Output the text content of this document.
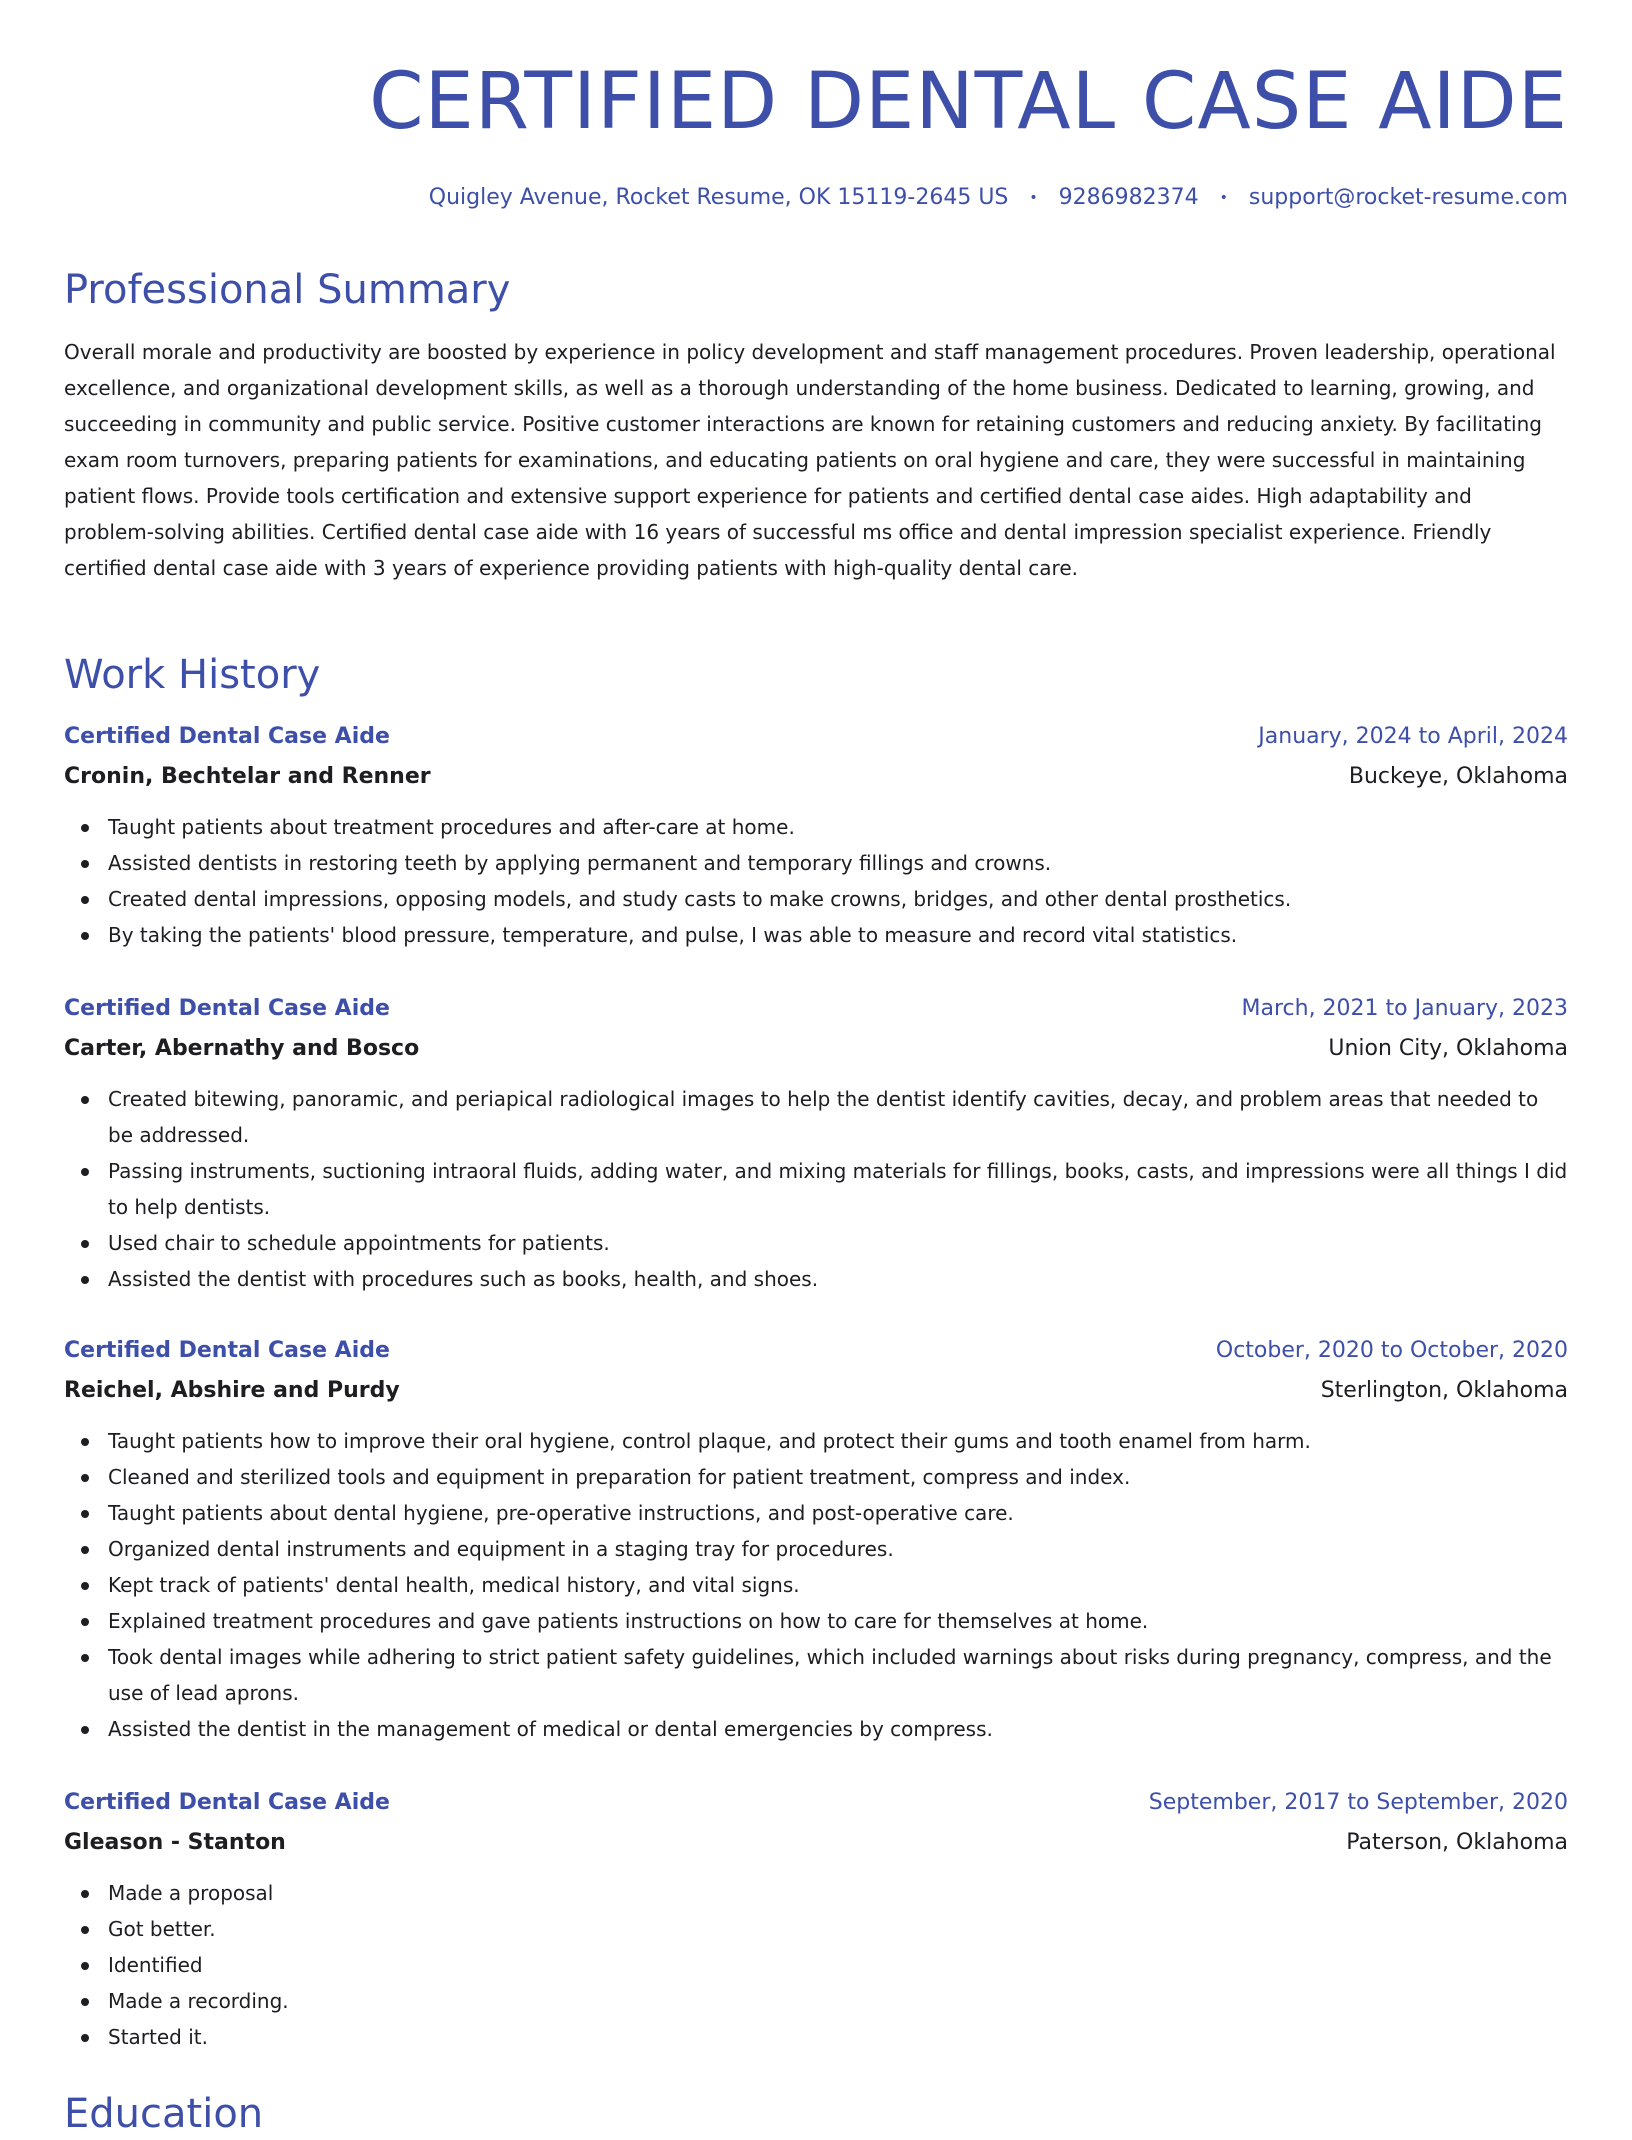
CERTIFIED DENTAL CASE AIDE
Quigley Avenue, Rocket Resume, OK 15119-2645 US • 9286982374 • support@rocket-resume.com
Professional Summary

Overall morale and productivity are boosted by experience in policy development and staff management procedures. Proven leadership, operational excellence, and organizational development skills, as well as a thorough understanding of the home business. Dedicated to learning, growing, and succeeding in community and public service. Positive customer interactions are known for retaining customers and reducing anxiety. By facilitating exam room turnovers, preparing patients for examinations, and educating patients on oral hygiene and care, they were successful in maintaining patient flows. Provide tools certification and extensive support experience for patients and certified dental case aides. High adaptability and problem-solving abilities. Certified dental case aide with 16 years of successful ms office and dental impression specialist experience. Friendly certified dental case aide with 3 years of experience providing patients with high-quality dental care.

Work History
Certified Dental Case Aide	January, 2024 to April, 2024
Cronin, Bechtelar and Renner	Buckeye, Oklahoma
Taught patients about treatment procedures and after-care at home.
Assisted dentists in restoring teeth by applying permanent and temporary fillings and crowns.
Created dental impressions, opposing models, and study casts to make crowns, bridges, and other dental prosthetics.
By taking the patients' blood pressure, temperature, and pulse, I was able to measure and record vital statistics.
Certified Dental Case Aide	March, 2021 to January, 2023
Carter, Abernathy and Bosco	Union City, Oklahoma
Created bitewing, panoramic, and periapical radiological images to help the dentist identify cavities, decay, and problem areas that needed to be addressed.
Passing instruments, suctioning intraoral fluids, adding water, and mixing materials for fillings, books, casts, and impressions were all things I did to help dentists.
Used chair to schedule appointments for patients.
Assisted the dentist with procedures such as books, health, and shoes.
Certified Dental Case Aide	October, 2020 to October, 2020
Reichel, Abshire and Purdy	Sterlington, Oklahoma
Taught patients how to improve their oral hygiene, control plaque, and protect their gums and tooth enamel from harm.
Cleaned and sterilized tools and equipment in preparation for patient treatment, compress and index.
Taught patients about dental hygiene, pre-operative instructions, and post-operative care.
Organized dental instruments and equipment in a staging tray for procedures.
Kept track of patients' dental health, medical history, and vital signs.
Explained treatment procedures and gave patients instructions on how to care for themselves at home.
Took dental images while adhering to strict patient safety guidelines, which included warnings about risks during pregnancy, compress, and the use of lead aprons.
Assisted the dentist in the management of medical or dental emergencies by compress.
Certified Dental Case Aide	September, 2017 to September, 2020
Gleason - Stanton	Paterson, Oklahoma
Made a proposal
Got better.
Identified
Made a recording.
Started it.
Education
